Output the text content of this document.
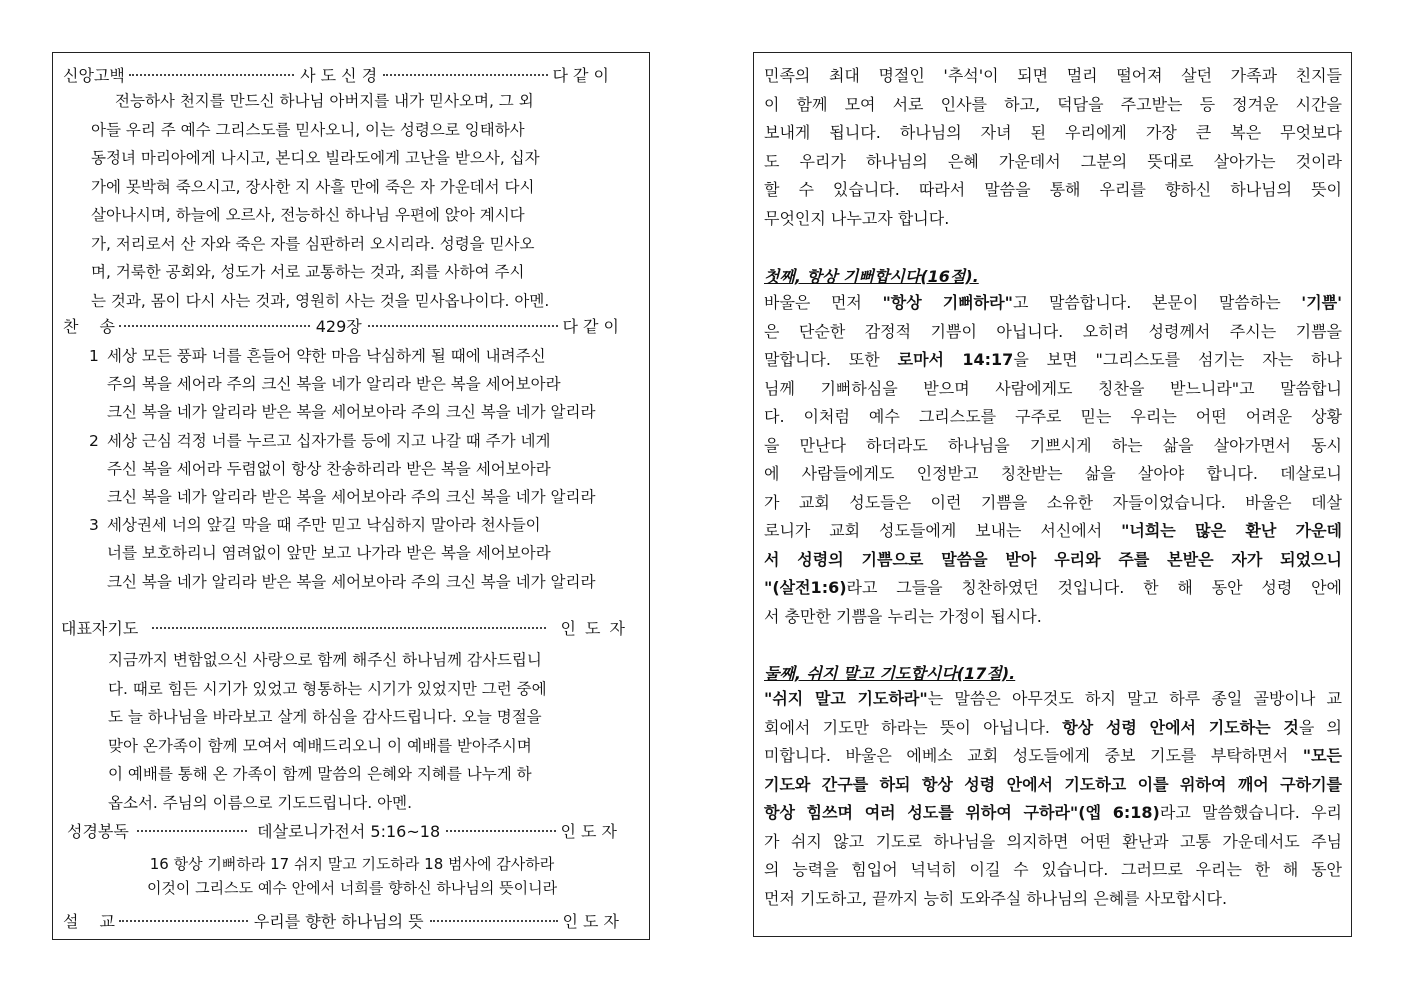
신앙고백	사 도 신 경	다 같 이
전능하사 천지를 만드신 하나님 아버지를 내가 믿사오며, 그 외
아들 우리 주 예수 그리스도를 믿사오니, 이는 성령으로 잉태하사
동정녀 마리아에게 나시고, 본디오 빌라도에게 고난을 받으사, 십자
가에 못박혀 죽으시고, 장사한 지 사흘 만에 죽은 자 가운데서 다시
살아나시며, 하늘에 오르사, 전능하신 하나님 우편에 앉아 계시다
가, 저리로서 산 자와 죽은 자를 심판하러 오시리라. 성령을 믿사오
며, 거룩한 공회와, 성도가 서로 교통하는 것과, 죄를 사하여 주시
는 것과, 몸이 다시 사는 것과, 영원히 사는 것을 믿사옵나이다. 아멘.
찬　 송	429장	다 같 이
1 세상 모든 풍파 너를 흔들어 약한 마음 낙심하게 될 때에 내려주신
주의 복을 세어라 주의 크신 복을 네가 알리라 받은 복을 세어보아라
크신 복을 네가 알리라 받은 복을 세어보아라 주의 크신 복을 네가 알리라
2 세상 근심 걱정 너를 누르고 십자가를 등에 지고 나갈 때 주가 네게
주신 복을 세어라 두렴없이 항상 찬송하리라 받은 복을 세어보아라
크신 복을 네가 알리라 받은 복을 세어보아라 주의 크신 복을 네가 알리라
3 세상권세 너의 앞길 막을 때 주만 믿고 낙심하지 말아라 천사들이
너를 보호하리니 염려없이 앞만 보고 나가라 받은 복을 세어보아라
크신 복을 네가 알리라 받은 복을 세어보아라 주의 크신 복을 네가 알리라
대표자기도	인 도 자
지금까지 변함없으신 사랑으로 함께 해주신 하나님께 감사드립니
다. 때로 힘든 시기가 있었고 형통하는 시기가 있었지만 그런 중에
도 늘 하나님을 바라보고 살게 하심을 감사드립니다. 오늘 명절을
맞아 온가족이 함께 모여서 예배드리오니 이 예배를 받아주시며
이 예배를 통해 온 가족이 함께 말씀의 은혜와 지혜를 나누게 하
옵소서. 주님의 이름으로 기도드립니다. 아멘.
성경봉독	데살로니가전서 5:16~18	인 도 자
16 항상 기뻐하라 17 쉬지 말고 기도하라 18 범사에 감사하라
이것이 그리스도 예수 안에서 너희를 향하신 하나님의 뜻이니라
설　 교	우리를 향한 하나님의 뜻	인 도 자
민족의 최대 명절인 '추석'이 되면 멀리 떨어져 살던 가족과 친지들
이 함께 모여 서로 인사를 하고, 덕담을 주고받는 등 정겨운 시간을
보내게 됩니다. 하나님의 자녀 된 우리에게 가장 큰 복은 무엇보다
도 우리가 하나님의 은혜 가운데서 그분의 뜻대로 살아가는 것이라
할 수 있습니다. 따라서 말씀을 통해 우리를 향하신 하나님의 뜻이
무엇인지 나누고자 합니다.
첫째, 항상 기뻐합시다(16절).
바울은 먼저 "항상 기뻐하라"고 말씀합니다. 본문이 말씀하는 '기쁨'
은 단순한 감정적 기쁨이 아닙니다. 오히려 성령께서 주시는 기쁨을
말합니다. 또한 로마서 14:17을 보면 "그리스도를 섬기는 자는 하나
님께 기뻐하심을 받으며 사람에게도 칭찬을 받느니라"고 말씀합니
다. 이처럼 예수 그리스도를 구주로 믿는 우리는 어떤 어려운 상황
을 만난다 하더라도 하나님을 기쁘시게 하는 삶을 살아가면서 동시
에 사람들에게도 인정받고 칭찬받는 삶을 살아야 합니다. 데살로니
가 교회 성도들은 이런 기쁨을 소유한 자들이었습니다. 바울은 데살
로니가 교회 성도들에게 보내는 서신에서 "너희는 많은 환난 가운데
서 성령의 기쁨으로 말씀을 받아 우리와 주를 본받은 자가 되었으니
"(살전1:6)라고 그들을 칭찬하였던 것입니다. 한 해 동안 성령 안에
서 충만한 기쁨을 누리는 가정이 됩시다.
둘째, 쉬지 말고 기도합시다(17절).
"쉬지 말고 기도하라"는 말씀은 아무것도 하지 말고 하루 종일 골방이나 교
회에서 기도만 하라는 뜻이 아닙니다. 항상 성령 안에서 기도하는 것을 의
미합니다. 바울은 에베소 교회 성도들에게 중보 기도를 부탁하면서 "모든
기도와 간구를 하되 항상 성령 안에서 기도하고 이를 위하여 깨어 구하기를
항상 힘쓰며 여러 성도를 위하여 구하라"(엡 6:18)라고 말씀했습니다. 우리
가 쉬지 않고 기도로 하나님을 의지하면 어떤 환난과 고통 가운데서도 주님
의 능력을 힘입어 넉넉히 이길 수 있습니다. 그러므로 우리는 한 해 동안
먼저 기도하고, 끝까지 능히 도와주실 하나님의 은혜를 사모합시다.
